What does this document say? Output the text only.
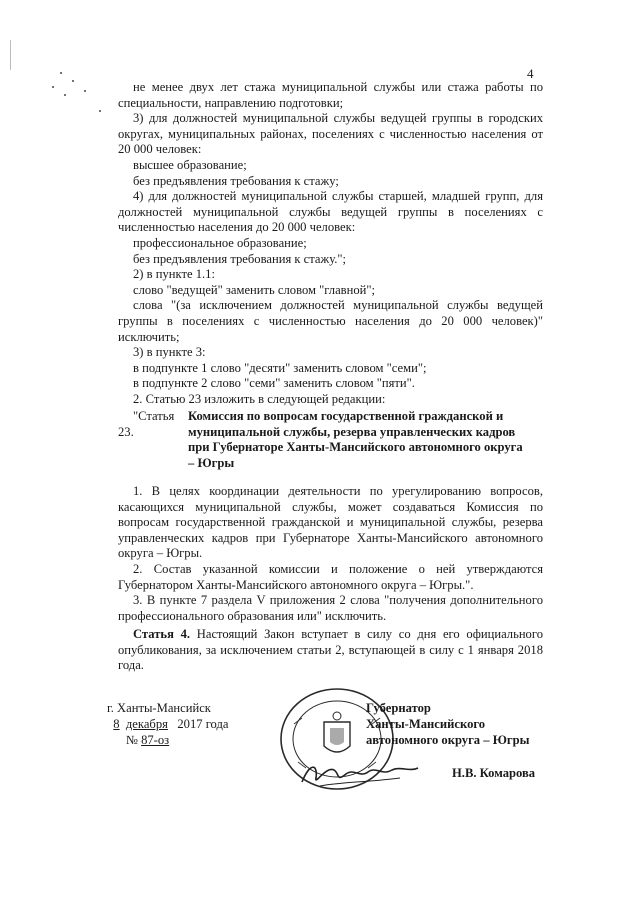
4

не менее двух лет стажа муниципальной службы или стажа работы по специальности, направлению подготовки;

3) для должностей муниципальной службы ведущей группы в городских округах, муниципальных районах, поселениях с численностью населения от 20 000 человек:

высшее образование;

без предъявления требования к стажу;

4) для должностей муниципальной службы старшей, младшей групп, для должностей муниципальной службы ведущей группы в поселениях с численностью населения до 20 000 человек:

профессиональное образование;

без предъявления требования к стажу.";

2) в пункте 1.1:

слово "ведущей" заменить словом "главной";

слова "(за исключением должностей муниципальной службы ведущей группы в поселениях с численностью населения до 20 000 человек)" исключить;

3) в пункте 3:

в подпункте 1 слово "десяти" заменить словом "семи";

в подпункте 2 слово "семи" заменить словом "пяти".

2. Статью 23 изложить в следующей редакции:

"Статья 23.Комиссия по вопросам государственной гражданской и муниципальной службы, резерва управленческих кадров при Губернаторе Ханты-Мансийского автономного округа – Югры

1. В целях координации деятельности по урегулированию вопросов, касающихся муниципальной службы, может создаваться Комиссия по вопросам государственной гражданской и муниципальной службы, резерва управленческих кадров при Губернаторе Ханты-Мансийского автономного округа – Югры.

2. Состав указанной комиссии и положение о ней утверждаются Губернатором Ханты-Мансийского автономного округа – Югры.".

3. В пункте 7 раздела V приложения 2 слова "получения дополнительного профессионального образования или" исключить.

Статья 4. Настоящий Закон вступает в силу со дня его официального опубликования, за исключением статьи 2, вступающей в силу с 1 января 2018 года.

г. Ханты-Мансийск
8 декабря 2017 года
№ 87-оз
Губернатор
Ханты-Мансийского
автономного округа – Югры
Н.В. Комарова
